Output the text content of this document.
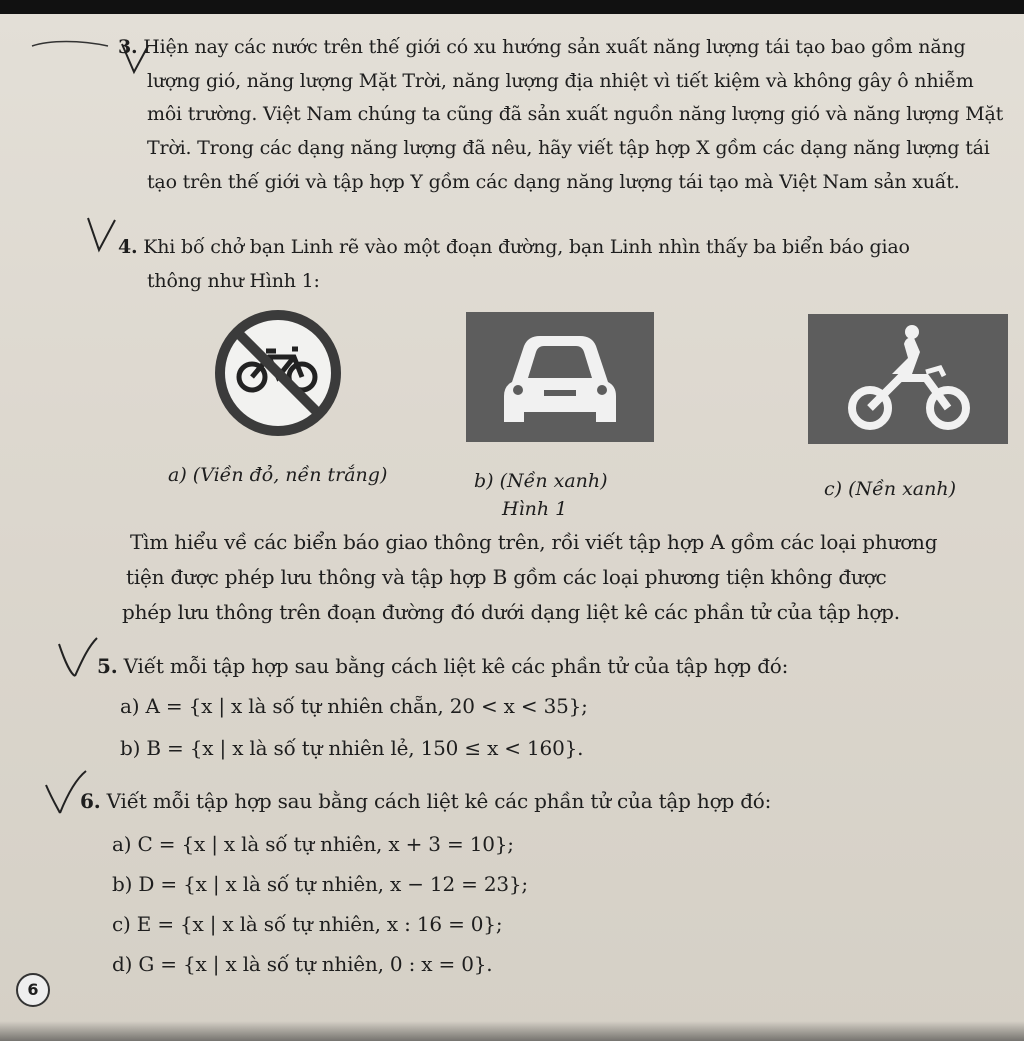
3. Hiện nay các nước trên thế giới có xu hướng sản xuất năng lượng tái tạo bao gồm năng
lượng gió, năng lượng Mặt Trời, năng lượng địa nhiệt vì tiết kiệm và không gây ô nhiễm
môi trường. Việt Nam chúng ta cũng đã sản xuất nguồn năng lượng gió và năng lượng Mặt
Trời. Trong các dạng năng lượng đã nêu, hãy viết tập hợp X gồm các dạng năng lượng tái
tạo trên thế giới và tập hợp Y gồm các dạng năng lượng tái tạo mà Việt Nam sản xuất.
4. Khi bố chở bạn Linh rẽ vào một đoạn đường, bạn Linh nhìn thấy ba biển báo giao
thông như Hình 1:
a) (Viền đỏ, nền trắng)	b) (Nền xanh)	c) (Nền xanh)
Hình 1
Tìm hiểu về các biển báo giao thông trên, rồi viết tập hợp A gồm các loại phương
tiện được phép lưu thông và tập hợp B gồm các loại phương tiện không được
phép lưu thông trên đoạn đường đó dưới dạng liệt kê các phần tử của tập hợp.
5. Viết mỗi tập hợp sau bằng cách liệt kê các phần tử của tập hợp đó:
a) A = {x | x là số tự nhiên chẵn, 20 < x < 35};
b) B = {x | x là số tự nhiên lẻ, 150 ≤ x < 160}.
6. Viết mỗi tập hợp sau bằng cách liệt kê các phần tử của tập hợp đó:
a) C = {x | x là số tự nhiên, x + 3 = 10};
b) D = {x | x là số tự nhiên, x − 12 = 23};
c) E = {x | x là số tự nhiên, x : 16 = 0};
d) G = {x | x là số tự nhiên, 0 : x = 0}.
6
